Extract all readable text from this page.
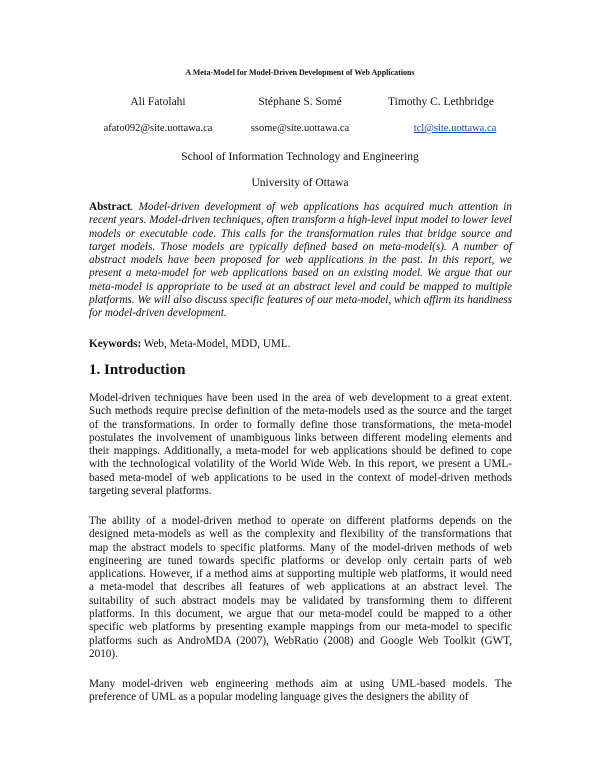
A Meta-Model for Model-Driven Development of Web Applications
Ali Fatolahi	Stéphane S. Somé	Timothy C. Lethbridge
afato092@site.uottawa.ca	ssome@site.uottawa.ca	tcl@site.uottawa.ca
School of Information Technology and Engineering
University of Ottawa

Abstract. Model-driven development of web applications has acquired much attention in recent years. Model-driven techniques, often transform a high-level input model to lower level models or executable code. This calls for the transformation rules that bridge source and target models. Those models are typically defined based on meta-model(s). A number of abstract models have been proposed for web applications in the past. In this report, we present a meta-model for web applications based on an existing model. We argue that our meta-model is appropriate to be used at an abstract level and could be mapped to multiple platforms. We will also discuss specific features of our meta-model, which affirm its handiness for model-driven development.

Keywords: Web, Meta-Model, MDD, UML.

1. Introduction

Model-driven techniques have been used in the area of web development to a great extent. Such methods require precise definition of the meta-models used as the source and the target of the transformations. In order to formally define those transformations, the meta-model postulates the involvement of unambiguous links between different modeling elements and their mappings. Additionally, a meta-model for web applications should be defined to cope with the technological volatility of the World Wide Web. In this report, we present a UML-based meta-model of web applications to be used in the context of model-driven methods targeting several platforms.

The ability of a model-driven method to operate on different platforms depends on the designed meta-models as well as the complexity and flexibility of the transformations that map the abstract models to specific platforms. Many of the model-driven methods of web engineering are tuned towards specific platforms or develop only certain parts of web applications. However, if a method aims at supporting multiple web platforms, it would need a meta-model that describes all features of web applications at an abstract level. The suitability of such abstract models may be validated by transforming them to different platforms. In this document, we argue that our meta-model could be mapped to a other specific web platforms by presenting example mappings from our meta-model to specific platforms such as AndroMDA (2007), WebRatio (2008) and Google Web Toolkit (GWT, 2010).

Many model-driven web engineering methods aim at using UML-based models. The preference of UML as a popular modeling language gives the designers the ability of
